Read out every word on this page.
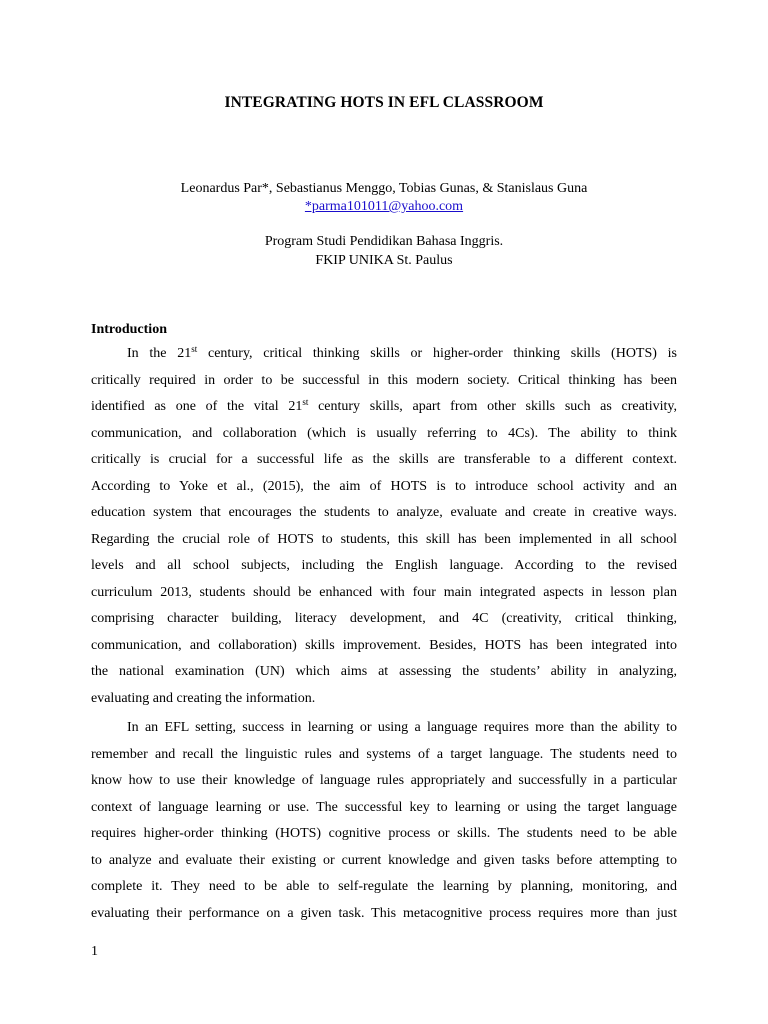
INTEGRATING HOTS IN EFL CLASSROOM
Leonardus Par*, Sebastianus Menggo, Tobias Gunas, & Stanislaus Guna
*parma101011@yahoo.com
Program Studi Pendidikan Bahasa Inggris.
FKIP UNIKA St. Paulus
Introduction
In the 21st century, critical thinking skills or higher-order thinking skills (HOTS) is
critically required in order to be successful in this modern society. Critical thinking has been
identified as one of the vital 21st century skills, apart from other skills such as creativity,
communication, and collaboration (which is usually referring to 4Cs). The ability to think
critically is crucial for a successful life as the skills are transferable to a different context.
According to Yoke et al., (2015), the aim of HOTS is to introduce school activity and an
education system that encourages the students to analyze, evaluate and create in creative ways.
Regarding the crucial role of HOTS to students, this skill has been implemented in all school
levels and all school subjects, including the English language. According to the revised
curriculum 2013, students should be enhanced with four main integrated aspects in lesson plan
comprising character building, literacy development, and 4C (creativity, critical thinking,
communication, and collaboration) skills improvement. Besides, HOTS has been integrated into
the national examination (UN) which aims at assessing the students’ ability in analyzing,
evaluating and creating the information.
In an EFL setting, success in learning or using a language requires more than the ability to
remember and recall the linguistic rules and systems of a target language. The students need to
know how to use their knowledge of language rules appropriately and successfully in a particular
context of language learning or use. The successful key to learning or using the target language
requires higher-order thinking (HOTS) cognitive process or skills. The students need to be able
to analyze and evaluate their existing or current knowledge and given tasks before attempting to
complete it. They need to be able to self-regulate the learning by planning, monitoring, and
evaluating their performance on a given task. This metacognitive process requires more than just
1
